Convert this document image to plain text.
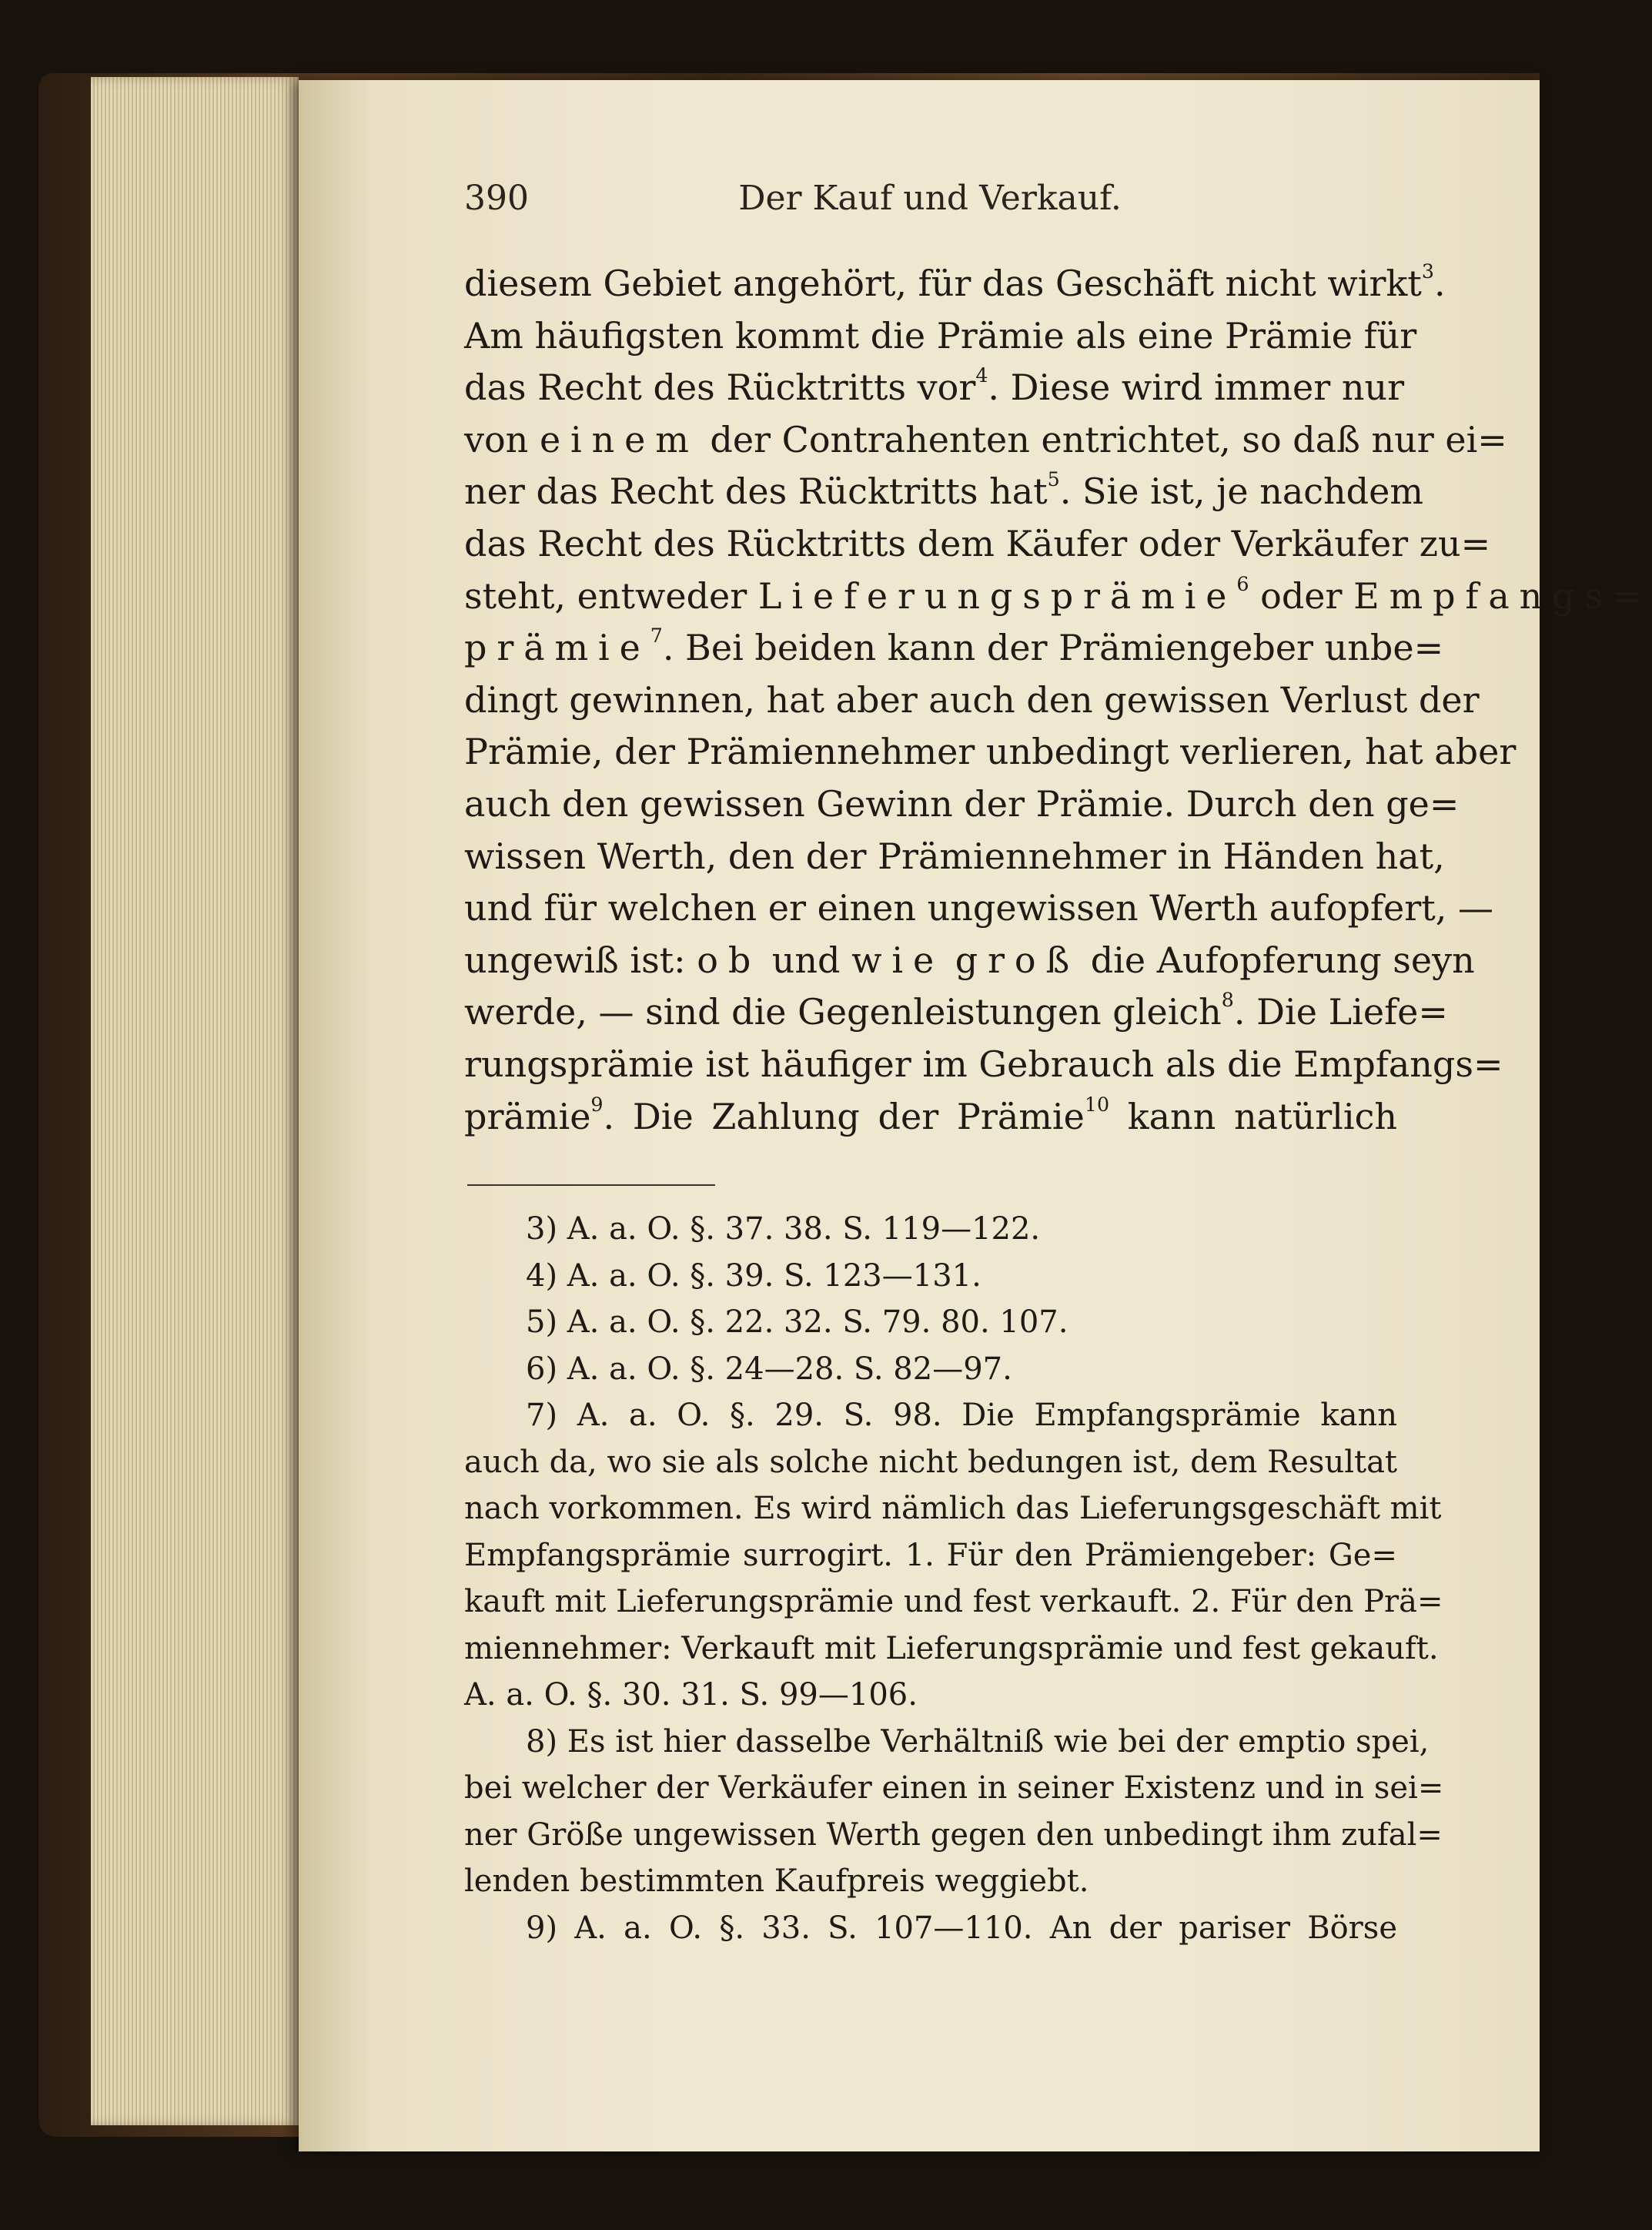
390	Der Kauf und Verkauf.
diesem Gebiet angehört, für das Geschäft nicht wirkt$^3$.
Am häufigsten kommt die Prämie als eine Prämie für
das Recht des Rücktritts vor$^4$. Diese wird immer nur
von einem der Contrahenten entrichtet, so daß nur ei=
ner das Recht des Rücktritts hat$^5$. Sie ist, je nachdem
das Recht des Rücktritts dem Käufer oder Verkäufer zu=
steht, entweder Lieferungsprämie$^6$ oder Empfangs=
prämie$^7$. Bei beiden kann der Prämiengeber unbe=
dingt gewinnen, hat aber auch den gewissen Verlust der
Prämie, der Prämiennehmer unbedingt verlieren, hat aber
auch den gewissen Gewinn der Prämie. Durch den ge=
wissen Werth, den der Prämiennehmer in Händen hat,
und für welchen er einen ungewissen Werth aufopfert, —
ungewiß ist: ob und wie groß die Aufopferung seyn
werde, — sind die Gegenleistungen gleich$^8$. Die Liefe=
rungsprämie ist häufiger im Gebrauch als die Empfangs=
prämie$^9$. Die Zahlung der Prämie$^{10}$ kann natürlich
3) A. a. O. §. 37. 38. S. 119—122.
4) A. a. O. §. 39. S. 123—131.
5) A. a. O. §. 22. 32. S. 79. 80. 107.
6) A. a. O. §. 24—28. S. 82—97.
7) A. a. O. §. 29. S. 98. Die Empfangsprämie kann
auch da, wo sie als solche nicht bedungen ist, dem Resultat
nach vorkommen. Es wird nämlich das Lieferungsgeschäft mit
Empfangsprämie surrogirt. 1. Für den Prämiengeber: Ge=
kauft mit Lieferungsprämie und fest verkauft. 2. Für den Prä=
miennehmer: Verkauft mit Lieferungsprämie und fest gekauft.
A. a. O. §. 30. 31. S. 99—106.
8) Es ist hier dasselbe Verhältniß wie bei der emptio spei,
bei welcher der Verkäufer einen in seiner Existenz und in sei=
ner Größe ungewissen Werth gegen den unbedingt ihm zufal=
lenden bestimmten Kaufpreis weggiebt.
9) A. a. O. §. 33. S. 107—110. An der pariser Börse
